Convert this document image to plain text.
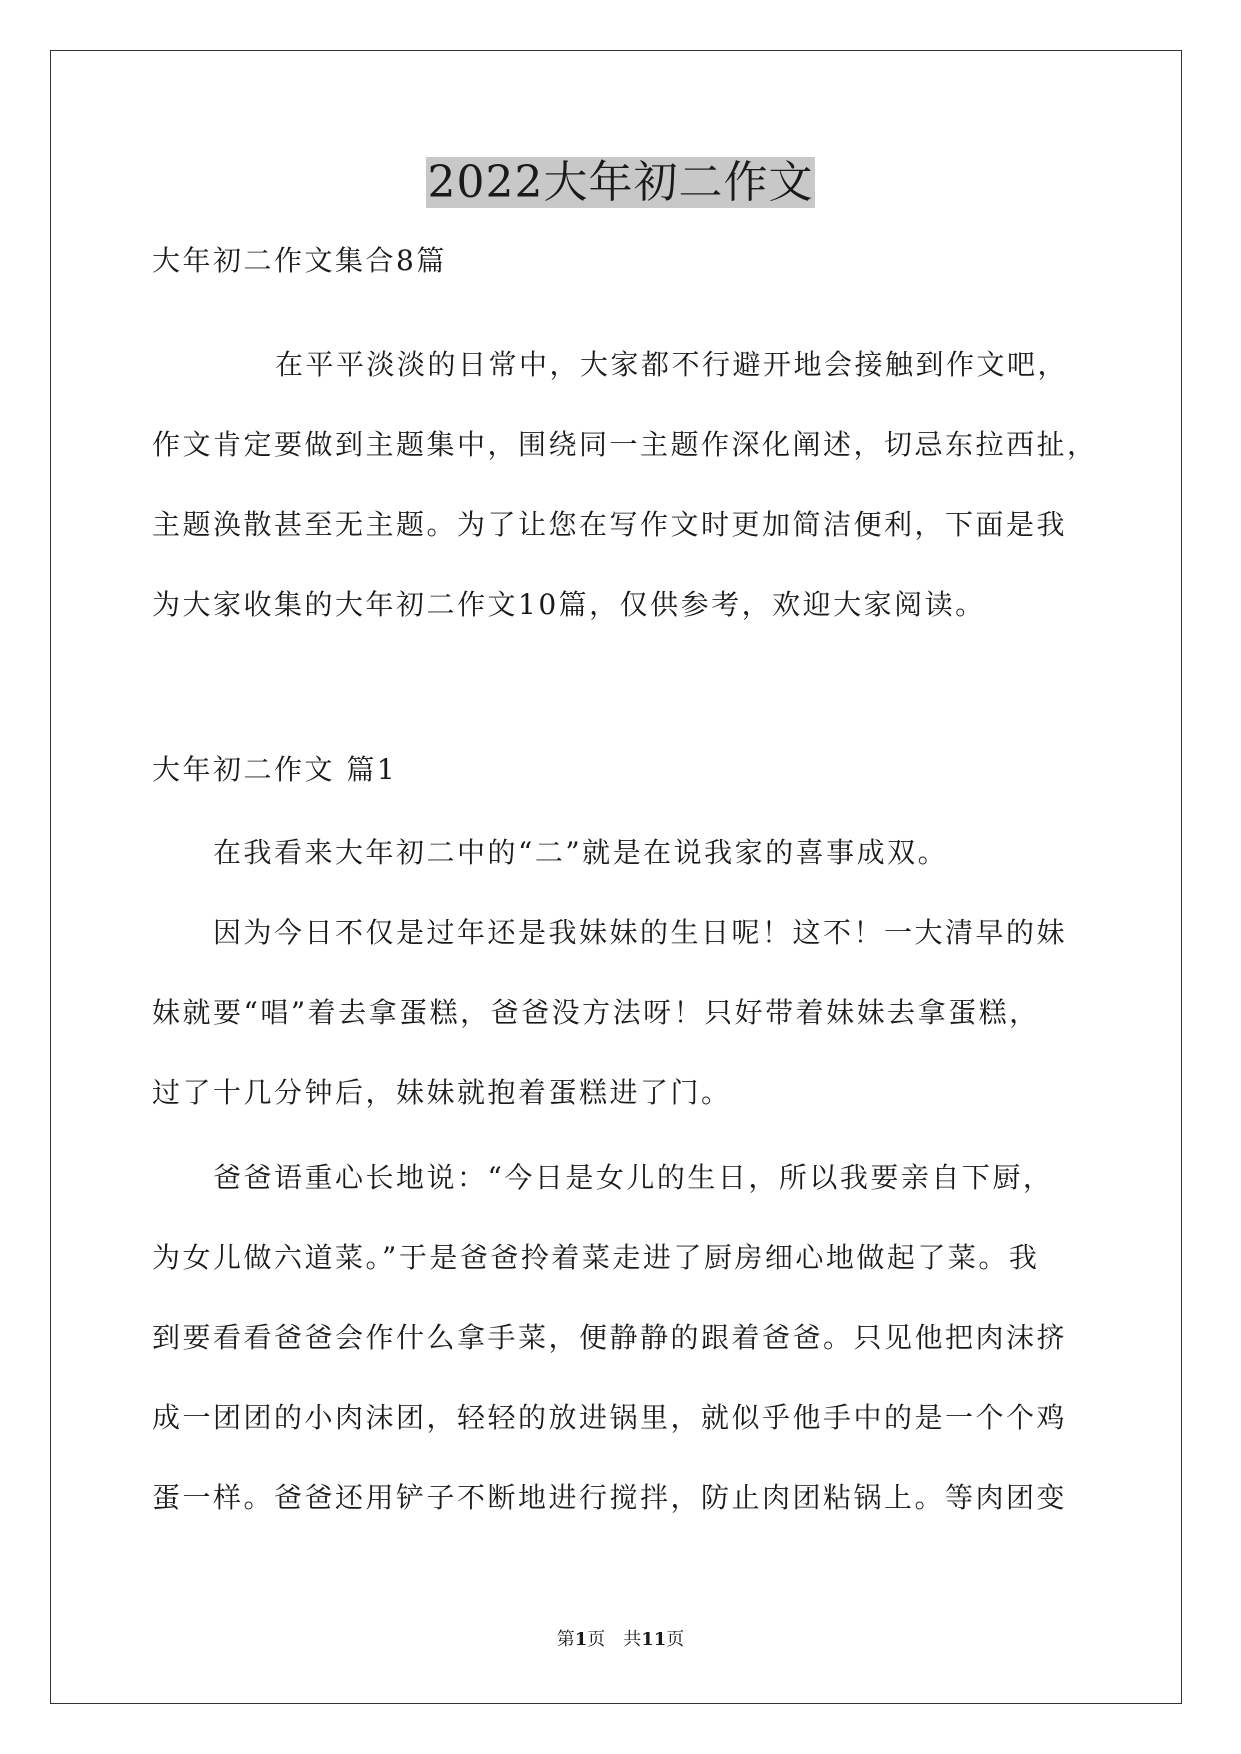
2022大年初二作文
大年初二作文集合8篇
在平平淡淡的日常中，大家都不行避开地会接触到作文吧，
作文肯定要做到主题集中，围绕同一主题作深化阐述，切忌东拉西扯，
主题涣散甚至无主题。为了让您在写作文时更加简洁便利，下面是我
为大家收集的大年初二作文10篇，仅供参考，欢迎大家阅读。
大年初二作文 篇1
在我看来大年初二中的“二”就是在说我家的喜事成双。
因为今日不仅是过年还是我妹妹的生日呢！这不！一大清早的妹
妹就要“唱”着去拿蛋糕，爸爸没方法呀！只好带着妹妹去拿蛋糕，
过了十几分钟后，妹妹就抱着蛋糕进了门。
爸爸语重心长地说：“今日是女儿的生日，所以我要亲自下厨，
为女儿做六道菜。”于是爸爸拎着菜走进了厨房细心地做起了菜。我
到要看看爸爸会作什么拿手菜，便静静的跟着爸爸。只见他把肉沫挤
成一团团的小肉沫团，轻轻的放进锅里，就似乎他手中的是一个个鸡
蛋一样。爸爸还用铲子不断地进行搅拌，防止肉团粘锅上。等肉团变
第1页　共11页
